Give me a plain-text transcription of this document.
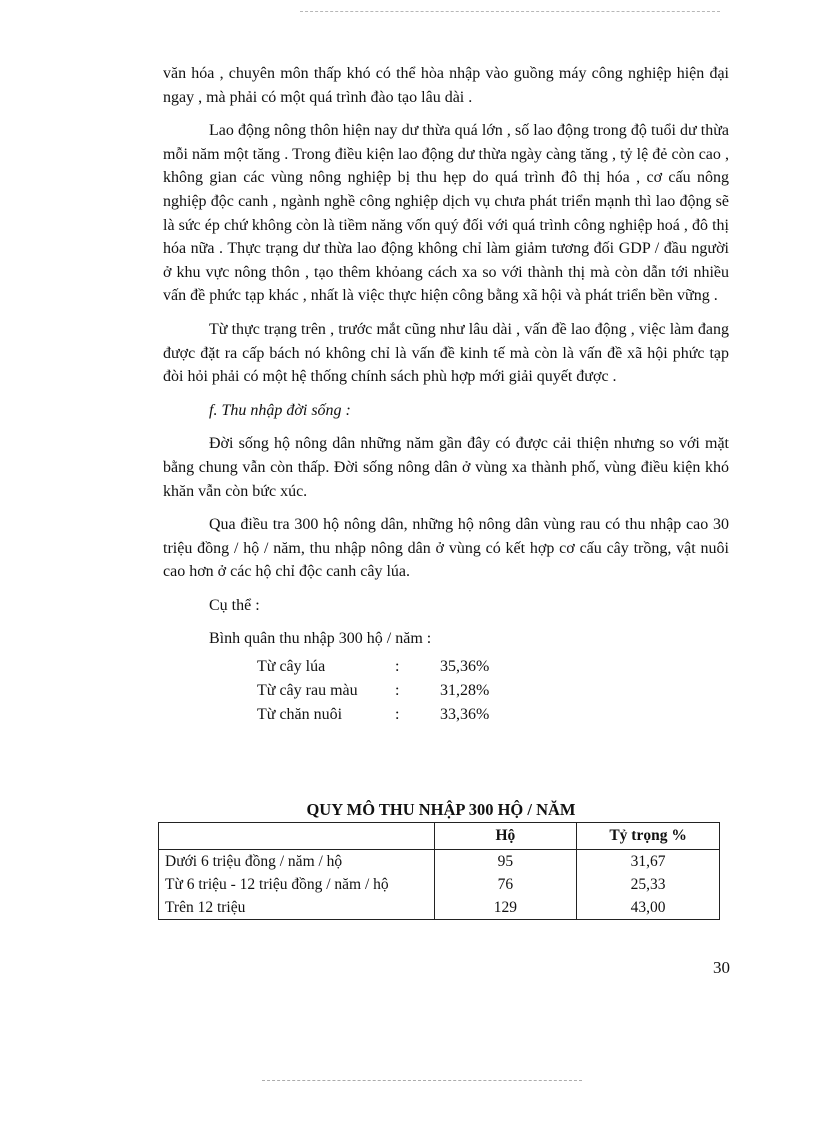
văn hóa , chuyên môn thấp khó có thể hòa nhập vào guồng máy công nghiệp hiện đại ngay , mà phải có một quá trình đào tạo lâu dài .

Lao động nông thôn hiện nay dư thừa quá lớn , số lao động trong độ tuổi dư thừa mỗi năm một tăng . Trong điều kiện lao động dư thừa ngày càng tăng , tỷ lệ đẻ còn cao , không gian các vùng nông nghiệp bị thu hẹp do quá trình đô thị hóa , cơ cấu nông nghiệp độc canh , ngành nghề công nghiệp dịch vụ chưa phát triển mạnh thì lao động sẽ là sức ép chứ không còn là tiềm năng vốn quý đối với quá trình công nghiệp hoá , đô thị hóa nữa . Thực trạng dư thừa lao động không chỉ làm giảm tương đối GDP / đầu người ở khu vực nông thôn , tạo thêm khỏang cách xa so với thành thị mà còn dẫn tới nhiều vấn đề phức tạp khác , nhất là việc thực hiện công bằng xã hội và phát triển bền vững .

Từ thực trạng trên , trước mắt cũng như lâu dài , vấn đề lao động , việc làm đang được đặt ra cấp bách nó không chỉ là vấn đề kinh tế mà còn là vấn đề xã hội phức tạp đòi hỏi phải có một hệ thống chính sách phù hợp mới giải quyết được .

f. Thu nhập đời sống :

Đời sống hộ nông dân những năm gần đây có được cải thiện nhưng so với mặt bằng chung vẫn còn thấp. Đời sống nông dân ở vùng xa thành phố, vùng điều kiện khó khăn vẫn còn bức xúc.

Qua điều tra 300 hộ nông dân, những hộ nông dân vùng rau có thu nhập cao 30 triệu đồng / hộ / năm, thu nhập nông dân ở vùng có kết hợp cơ cấu cây trồng, vật nuôi cao hơn ở các hộ chỉ độc canh cây lúa.

Cụ thể :

Bình quân thu nhập 300 hộ / năm :

Từ cây lúa	:	35,36%
Từ cây rau màu	:	31,28%
Từ chăn nuôi	:	33,36%
QUY MÔ THU NHẬP 300 HỘ / NĂM
	Hộ	Tỷ trọng %
Dưới 6 triệu đồng / năm / hộ	95	31,67
Từ 6 triệu - 12 triệu đồng / năm / hộ	76	25,33
Trên 12 triệu	129	43,00
30
